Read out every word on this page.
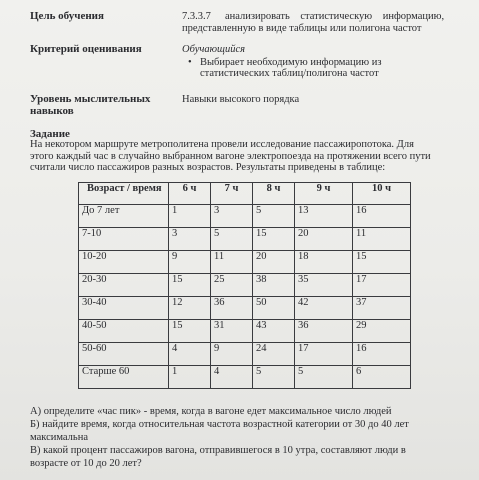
Цель обучения	7.3.3.7 анализировать статистическую информацию,
представленную в виде таблицы или полигона частот
Критерий оценивания	Обучающийся
• Выбирает необходимую информацию из
статистических таблиц/полигона частот
Уровень мыслительных
навыков
Навыки высокого порядка
Задание
На некотором маршруте метрополитена провели исследование пассажиропотока. Для
этого каждый час в случайно выбранном вагоне электропоезда на протяжении всего пути
считали число пассажиров разных возрастов. Результаты приведены в таблице:
Возраст / время	6 ч	7 ч	8 ч	9 ч	10 ч
До 7 лет	1	3	5	13	16
7-10	3	5	15	20	11
10-20	9	11	20	18	15
20-30	15	25	38	35	17
30-40	12	36	50	42	37
40-50	15	31	43	36	29
50-60	4	9	24	17	16
Старше 60	1	4	5	5	6
А) определите «час пик» - время, когда в вагоне едет максимальное число людей
Б) найдите время, когда относительная частота возрастной категории от 30 до 40 лет
максимальна
В) какой процент пассажиров вагона, отправившегося в 10 утра, составляют люди в
возрасте от 10 до 20 лет?
